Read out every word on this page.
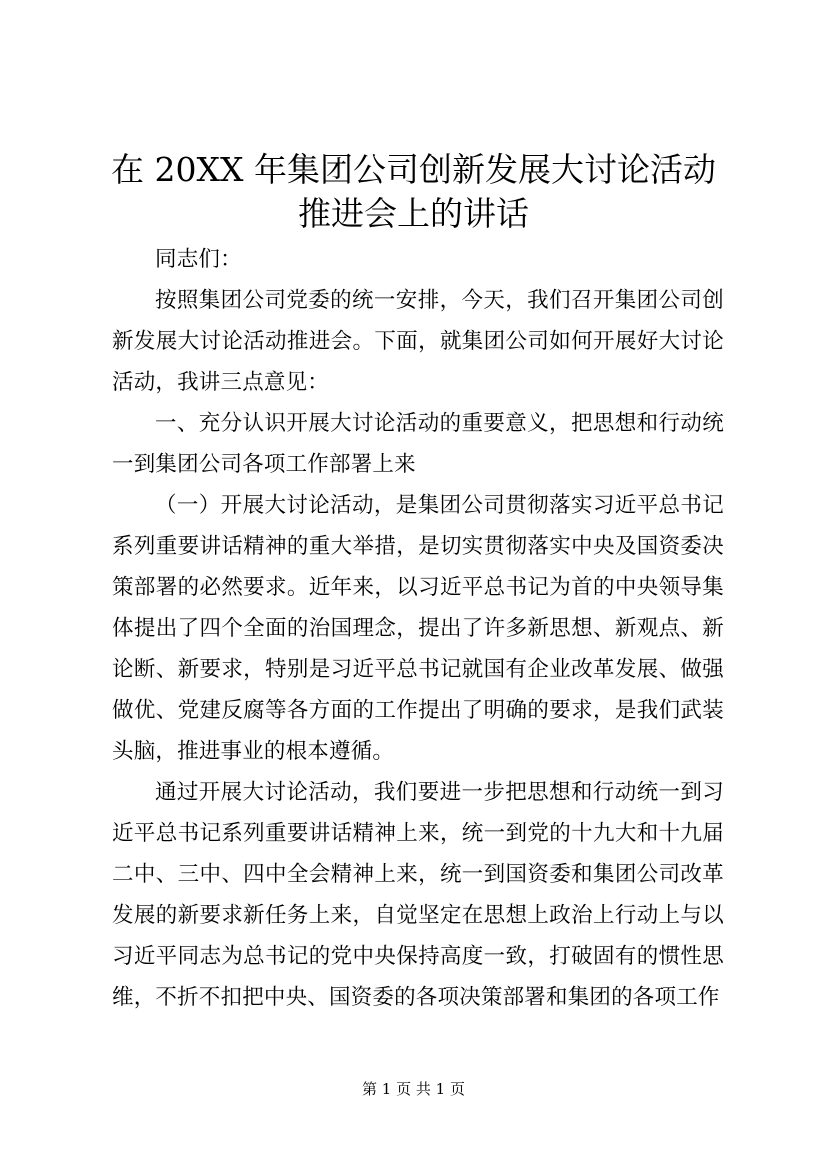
在 20XX 年集团公司创新发展大讨论活动推进会上的讲话

同志们：

按照集团公司党委的统一安排，今天，我们召开集团公司创新发展大讨论活动推进会。下面，就集团公司如何开展好大讨论活动，我讲三点意见：

一、充分认识开展大讨论活动的重要意义，把思想和行动统一到集团公司各项工作部署上来

（一）开展大讨论活动，是集团公司贯彻落实习近平总书记系列重要讲话精神的重大举措，是切实贯彻落实中央及国资委决策部署的必然要求。近年来，以习近平总书记为首的中央领导集体提出了四个全面的治国理念，提出了许多新思想、新观点、新论断、新要求，特别是习近平总书记就国有企业改革发展、做强做优、党建反腐等各方面的工作提出了明确的要求，是我们武装头脑，推进事业的根本遵循。

通过开展大讨论活动，我们要进一步把思想和行动统一到习近平总书记系列重要讲话精神上来，统一到党的十九大和十九届二中、三中、四中全会精神上来，统一到国资委和集团公司改革发展的新要求新任务上来，自觉坚定在思想上政治上行动上与以习近平同志为总书记的党中央保持高度一致，打破固有的惯性思维，不折不扣把中央、国资委的各项决策部署和集团的各项工作

第 1 页 共 1 页
